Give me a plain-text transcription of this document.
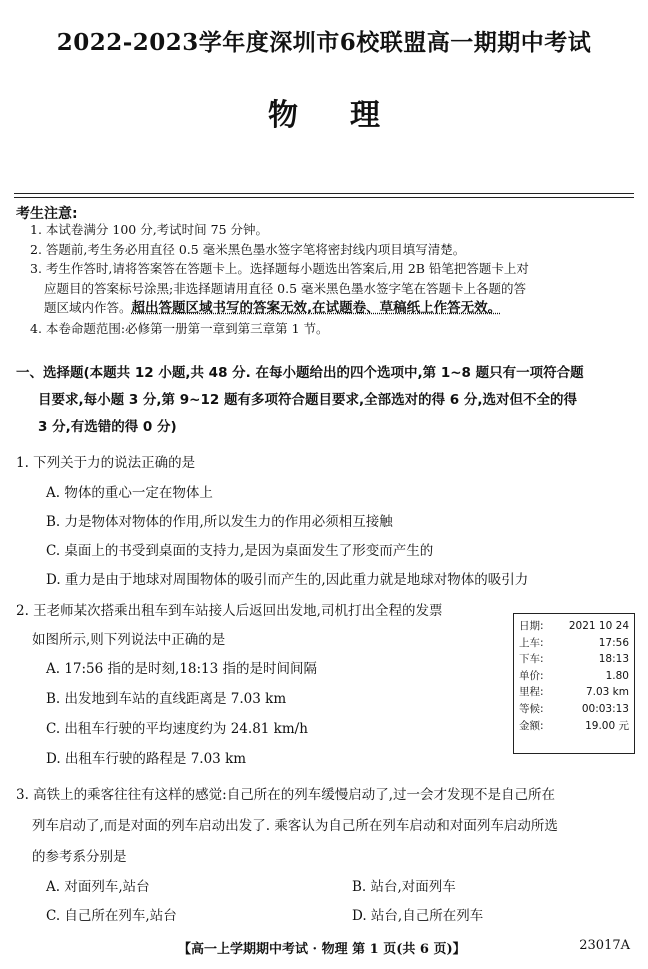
2022-2023学年度深圳市6校联盟高一期期中考试
物理
考生注意:

1. 本试卷满分 100 分,考试时间 75 分钟。

2. 答题前,考生务必用直径 0.5 毫米黑色墨水签字笔将密封线内项目填写清楚。

3. 考生作答时,请将答案答在答题卡上。选择题每小题选出答案后,用 2B 铅笔把答题卡上对

应题目的答案标号涂黑;非选择题请用直径 0.5 毫米黑色墨水签字笔在答题卡上各题的答

题区域内作答。超出答题区域书写的答案无效,在试题卷、草稿纸上作答无效。

4. 本卷命题范围:必修第一册第一章到第三章第 1 节。

一、选择题(本题共 12 小题,共 48 分. 在每小题给出的四个选项中,第 1~8 题只有一项符合题
目要求,每小题 3 分,第 9~12 题有多项符合题目要求,全部选对的得 6 分,选对但不全的得
3 分,有选错的得 0 分)
1. 下列关于力的说法正确的是
A. 物体的重心一定在物体上
B. 力是物体对物体的作用,所以发生力的作用必须相互接触
C. 桌面上的书受到桌面的支持力,是因为桌面发生了形变而产生的
D. 重力是由于地球对周围物体的吸引而产生的,因此重力就是地球对物体的吸引力
2. 王老师某次搭乘出租车到车站接人后返回出发地,司机打出全程的发票
如图所示,则下列说法中正确的是
A. 17:56 指的是时刻,18:13 指的是时间间隔
B. 出发地到车站的直线距离是 7.03 km
C. 出租车行驶的平均速度约为 24.81 km/h
D. 出租车行驶的路程是 7.03 km
日期: 2021 10 24
上车:	17:56
下车:	18:13
单价:	1.80
里程:	7.03 km
等候:	00:03:13
金额:	19.00 元
3. 高铁上的乘客往往有这样的感觉:自己所在的列车缓慢启动了,过一会才发现不是自己所在
列车启动了,而是对面的列车启动出发了. 乘客认为自己所在列车启动和对面列车启动所选
的参考系分别是
A. 对面列车,站台	B. 站台,对面列车
C. 自己所在列车,站台	D. 站台,自己所在列车
【高一上学期期中考试 · 物理 第 1 页(共 6 页)】	23017A
